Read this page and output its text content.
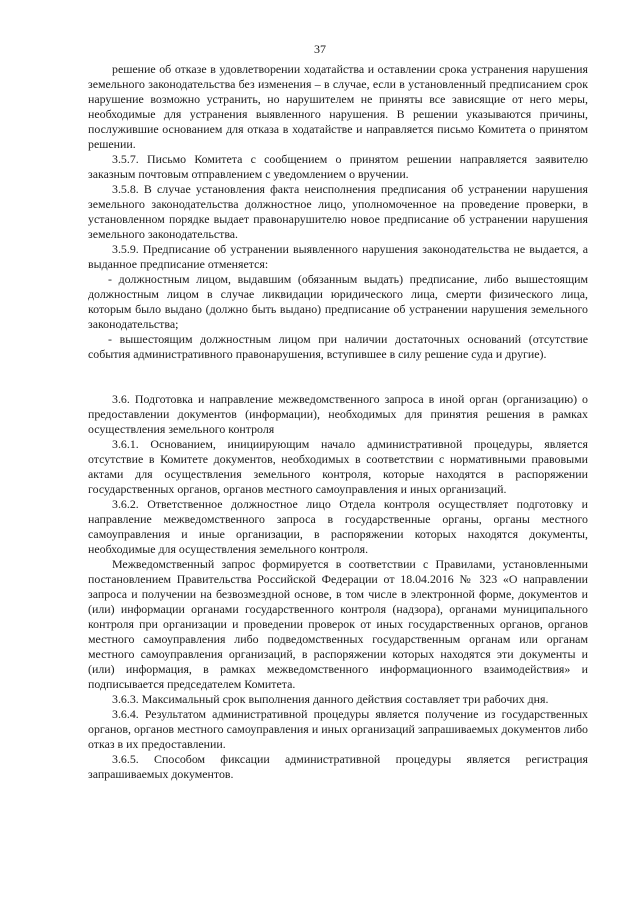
37

решение об отказе в удовлетворении ходатайства и оставлении срока устранения нарушения земельного законодательства без изменения – в случае, если в установленный предписанием срок нарушение возможно устранить, но нарушителем не приняты все зависящие от него меры, необходимые для устранения выявленного нарушения. В решении указываются причины, послужившие основанием для отказа в ходатайстве и направляется письмо Комитета о принятом решении.

3.5.7. Письмо Комитета с сообщением о принятом решении направляется заявителю заказным почтовым отправлением с уведомлением о вручении.

3.5.8. В случае установления факта неисполнения предписания об устранении нарушения земельного законодательства должностное лицо, уполномоченное на проведение проверки, в установленном порядке выдает правонарушителю новое предписание об устранении нарушения земельного законодательства.

3.5.9. Предписание об устранении выявленного нарушения законодательства не выдается, а выданное предписание отменяется:

- должностным лицом, выдавшим (обязанным выдать) предписание, либо вышестоящим должностным лицом в случае ликвидации юридического лица, смерти физического лица, которым было выдано (должно быть выдано) предписание об устранении нарушения земельного законодательства;

- вышестоящим должностным лицом при наличии достаточных оснований (отсутствие события административного правонарушения, вступившее в силу решение суда и другие).

3.6. Подготовка и направление межведомственного запроса в иной орган (организацию) о предоставлении документов (информации), необходимых для принятия решения в рамках осуществления земельного контроля

3.6.1. Основанием, инициирующим начало административной процедуры, является отсутствие в Комитете документов, необходимых в соответствии с нормативными правовыми актами для осуществления земельного контроля, которые находятся в распоряжении государственных органов, органов местного самоуправления и иных организаций.

3.6.2. Ответственное должностное лицо Отдела контроля осуществляет подготовку и направление межведомственного запроса в государственные органы, органы местного самоуправления и иные организации, в распоряжении которых находятся документы, необходимые для осуществления земельного контроля.

Межведомственный запрос формируется в соответствии с Правилами, установленными постановлением Правительства Российской Федерации от 18.04.2016 № 323 «О направлении запроса и получении на безвозмездной основе, в том числе в электронной форме, документов и (или) информации органами государственного контроля (надзора), органами муниципального контроля при организации и проведении проверок от иных государственных органов, органов местного самоуправления либо подведомственных государственным органам или органам местного самоуправления организаций, в распоряжении которых находятся эти документы и (или) информация, в рамках межведомственного информационного взаимодействия» и подписывается председателем Комитета.

3.6.3. Максимальный срок выполнения данного действия составляет три рабочих дня.

3.6.4. Результатом административной процедуры является получение из государственных органов, органов местного самоуправления и иных организаций запрашиваемых документов либо отказ в их предоставлении.

3.6.5. Способом фиксации административной процедуры является регистрация запрашиваемых документов.
